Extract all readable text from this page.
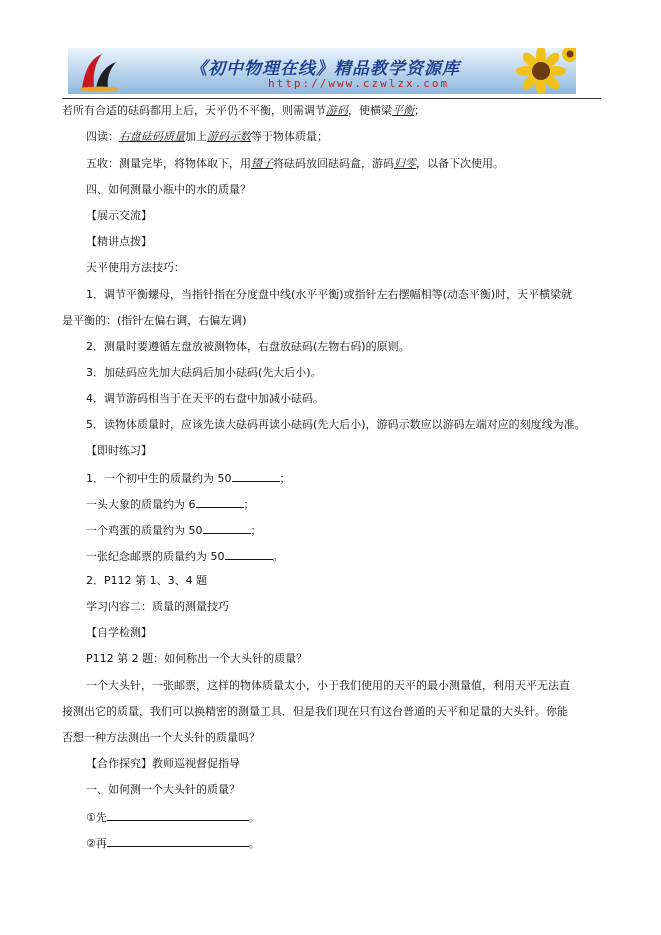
《初中物理在线》精品教学资源库
http://www.czwlzx.com
若所有合适的砝码都用上后，天平仍不平衡，则需调节游码，使横梁平衡；
四读：右盘砝码质量加上游码示数等于物体质量；
五收：测量完毕，将物体取下，用镊子将砝码放回砝码盒，游码归零，以备下次使用。
四、如何测量小瓶中的水的质量？
【展示交流】
【精讲点拨】
天平使用方法技巧：
1．调节平衡螺母，当指针指在分度盘中线(水平平衡)或指针左右摆幅相等(动态平衡)时，天平横梁就
是平衡的：(指针左偏右调，右偏左调)
2．测量时要遵循左盘放被测物体，右盘放砝码(左物右码)的原则。
3．加砝码应先加大砝码后加小砝码(先大后小)。
4．调节游码相当于在天平的右盘中加减小砝码。
5．读物体质量时，应该先读大砝码再读小砝码(先大后小)，游码示数应以游码左端对应的刻度线为准。
【即时练习】
1．一个初中生的质量约为 50	；
一头大象的质量约为 6	；
一个鸡蛋的质量约为 50	；
一张纪念邮票的质量约为 50	。
2．P112 第 1、3、4 题
学习内容二：质量的测量技巧
【自学检测】
P112 第 2 题：如何称出一个大头针的质量？
一个大头针，一张邮票，这样的物体质量太小，小于我们使用的天平的最小测量值，利用天平无法直
接测出它的质量，我们可以换精密的测量工具．但是我们现在只有这台普通的天平和足量的大头针。你能
否想一种方法测出一个大头针的质量吗？
【合作探究】教师巡视督促指导
一、如何测一个大头针的质量？
①先	。
②再	。
